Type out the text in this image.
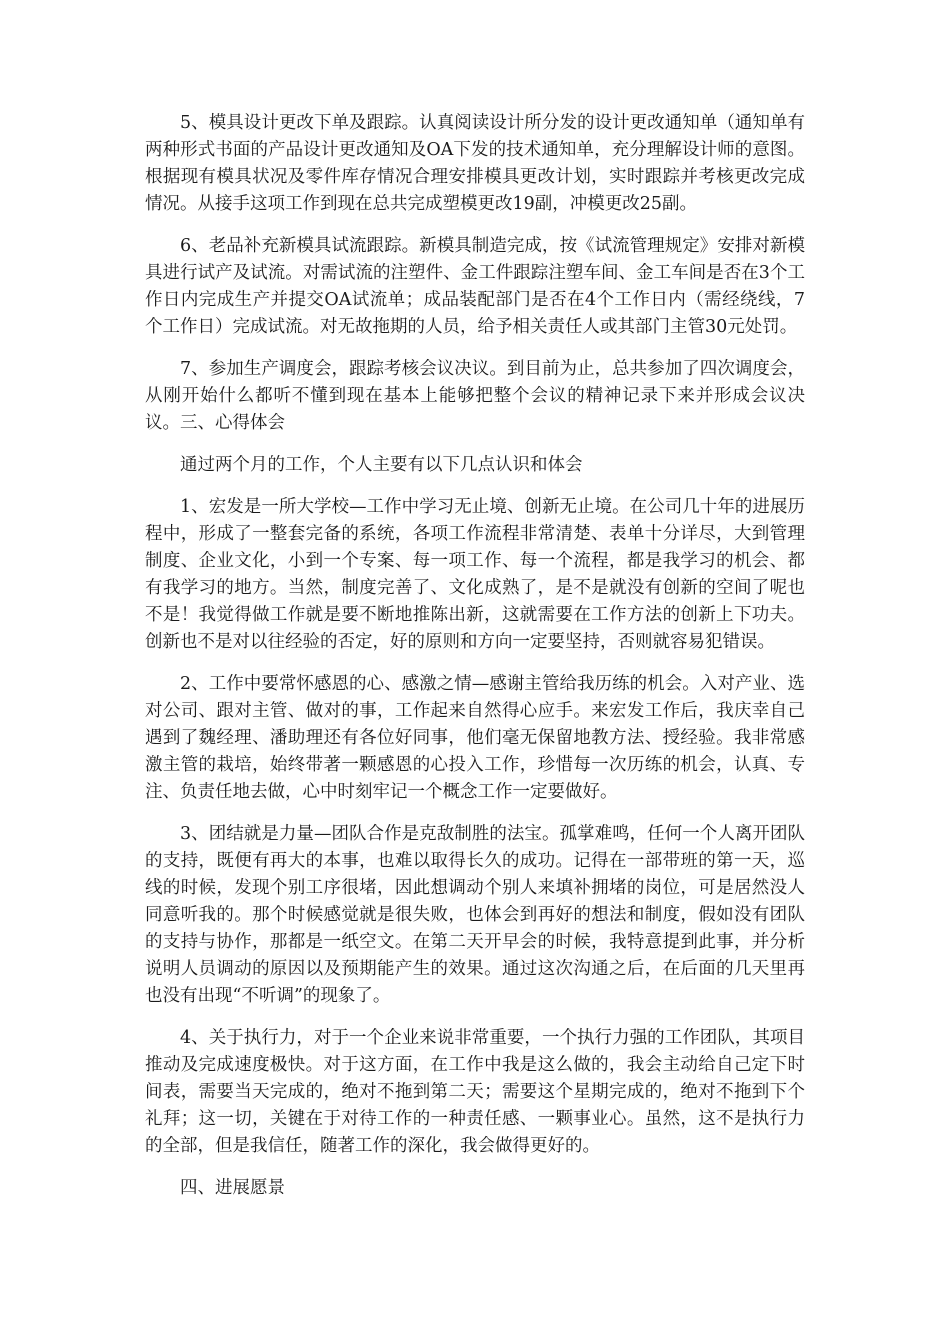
5、模具设计更改下单及跟踪。认真阅读设计所分发的设计更改通知单（通知单有两种形式书面的产品设计更改通知及OA下发的技术通知单，充分理解设计师的意图。根据现有模具状况及零件库存情况合理安排模具更改计划，实时跟踪并考核更改完成情况。从接手这项工作到现在总共完成塑模更改19副，冲模更改25副。

6、老品补充新模具试流跟踪。新模具制造完成，按《试流管理规定》安排对新模具进行试产及试流。对需试流的注塑件、金工件跟踪注塑车间、金工车间是否在3个工作日内完成生产并提交OA试流单；成品装配部门是否在4个工作日内（需经绕线，7个工作日）完成试流。对无故拖期的人员，给予相关责任人或其部门主管30元处罚。

7、参加生产调度会，跟踪考核会议决议。到目前为止，总共参加了四次调度会，从刚开始什么都听不懂到现在基本上能够把整个会议的精神记录下来并形成会议决议。三、心得体会

通过两个月的工作，个人主要有以下几点认识和体会

1、宏发是一所大学校—工作中学习无止境、创新无止境。在公司几十年的进展历程中，形成了一整套完备的系统，各项工作流程非常清楚、表单十分详尽，大到管理制度、企业文化，小到一个专案、每一项工作、每一个流程，都是我学习的机会、都有我学习的地方。当然，制度完善了、文化成熟了，是不是就没有创新的空间了呢也不是！我觉得做工作就是要不断地推陈出新，这就需要在工作方法的创新上下功夫。创新也不是对以往经验的否定，好的原则和方向一定要坚持，否则就容易犯错误。

2、工作中要常怀感恩的心、感激之情—感谢主管给我历练的机会。入对产业、选对公司、跟对主管、做对的事，工作起来自然得心应手。来宏发工作后，我庆幸自己遇到了魏经理、潘助理还有各位好同事，他们毫无保留地教方法、授经验。我非常感激主管的栽培，始终带著一颗感恩的心投入工作，珍惜每一次历练的机会，认真、专注、负责任地去做，心中时刻牢记一个概念工作一定要做好。

3、团结就是力量—团队合作是克敌制胜的法宝。孤掌难鸣，任何一个人离开团队的支持，既便有再大的本事，也难以取得长久的成功。记得在一部带班的第一天，巡线的时候，发现个别工序很堵，因此想调动个别人来填补拥堵的岗位，可是居然没人同意听我的。那个时候感觉就是很失败，也体会到再好的想法和制度，假如没有团队的支持与协作，那都是一纸空文。在第二天开早会的时候，我特意提到此事，并分析说明人员调动的原因以及预期能产生的效果。通过这次沟通之后，在后面的几天里再也没有出现“不听调”的现象了。

4、关于执行力，对于一个企业来说非常重要，一个执行力强的工作团队，其项目推动及完成速度极快。对于这方面，在工作中我是这么做的，我会主动给自己定下时间表，需要当天完成的，绝对不拖到第二天；需要这个星期完成的，绝对不拖到下个礼拜；这一切，关键在于对待工作的一种责任感、一颗事业心。虽然，这不是执行力的全部，但是我信任，随著工作的深化，我会做得更好的。

四、进展愿景
